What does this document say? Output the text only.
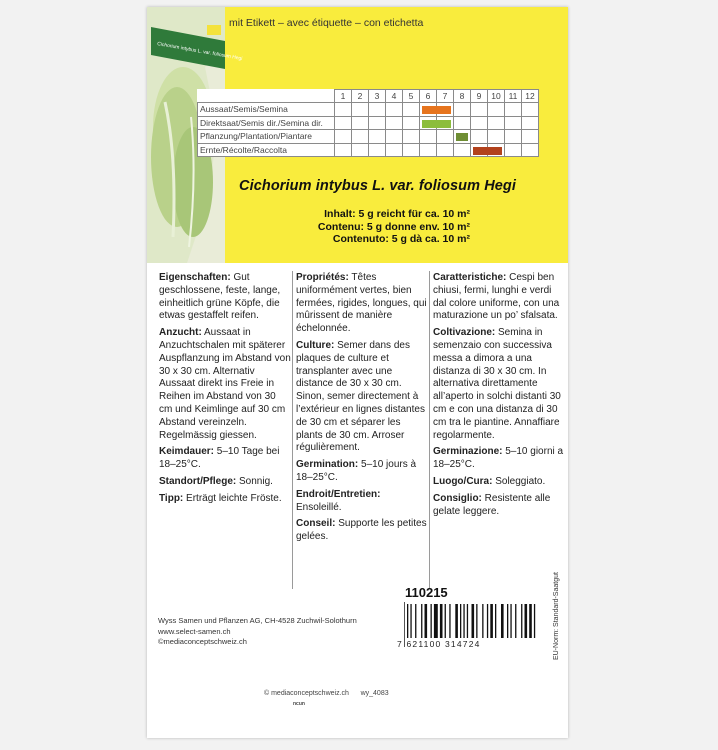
Cichorium intybus L. var. foliosum Hegi
mit Etikett – avec étiquette – con etichetta
	1	2	3	4	5	6	7	8	9	10	11	12
Aussaat/Semis/Semina						

Direktsaat/Semis dir./Semina dir.						

Pflanzung/Plantation/Piantare								

Ernte/Récolte/Raccolta									

Cichorium intybus L. var. foliosum Hegi
Inhalt: 5 g reicht für ca. 10 m²
Contenu: 5 g donne env. 10 m²
Contenuto: 5 g dà ca. 10 m²

Eigenschaften: Gut geschlossene, feste, lange, einheitlich grüne Köpfe, die etwas gestaffelt reifen.

Anzucht: Aussaat in Anzuchtschalen mit späterer Auspflanzung im Abstand von 30 x 30 cm. Alternativ Aussaat direkt ins Freie in Reihen im Abstand von 30 cm und Keimlinge auf 30 cm Abstand vereinzeln. Regelmässig giessen.

Keimdauer: 5–10 Tage bei 18–25°C.

Standort/Pflege: Sonnig.

Tipp: Erträgt leichte Fröste.

Propriétés: Têtes uniformément vertes, bien fermées, rigides, longues, qui mûrissent de manière échelonnée.

Culture: Semer dans des plaques de culture et transplanter avec une distance de 30 x 30 cm. Sinon, semer directement à l’extérieur en lignes distantes de 30 cm et séparer les plants de 30 cm. Arroser régulièrement.

Germination: 5–10 jours à 18–25°C.

Endroit/Entretien: Ensoleillé.

Conseil: Supporte les petites gelées.

Caratteristiche: Cespi ben chiusi, fermi, lunghi e verdi dal colore uniforme, con una maturazione un po’ sfalsata.

Coltivazione: Semina in semenzaio con successiva messa a dimora a una distanza di 30 x 30 cm. In alternativa direttamente all’aperto in solchi distanti 30 cm e con una distanza di 30 cm tra le piantine. Annaffiare regolarmente.

Germinazione: 5–10 giorni a 18–25°C.

Luogo/Cura: Soleggiato.

Consiglio: Resistente alle gelate leggere.

110215
Wyss Samen und Pflanzen AG, CH-4528 Zuchwil-Solothurn
www.select-samen.ch
©mediaconceptschweiz.ch	7 621100 314724	EU-Norm: Standard-Saatgut
© mediaconceptschweiz.ch wy_4083
ncun
